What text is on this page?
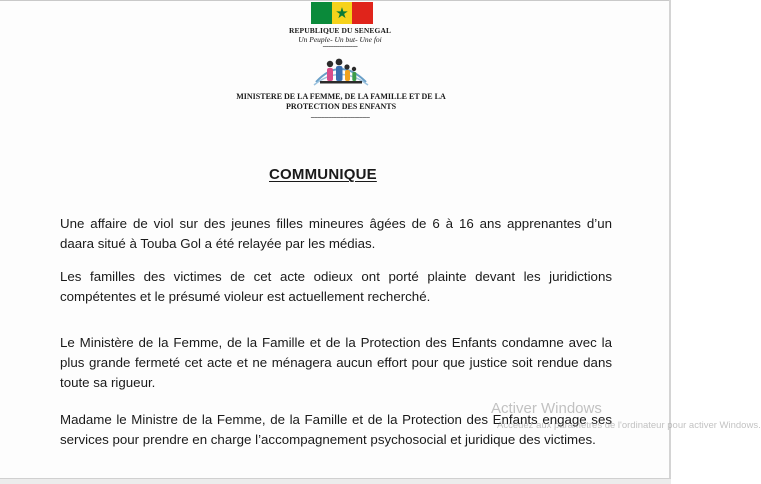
★
REPUBLIQUE DU SENEGAL
Un Peuple- Un but- Une foi
-------------------
MINISTERE DE LA FEMME, DE LA FAMILLE ET DE LA
PROTECTION DES ENFANTS
----------------------------------
COMMUNIQUE

Une affaire de viol sur des jeunes filles mineures âgées de 6 à 16 ans apprenantes d’un daara situé à Touba Gol a été relayée par les médias.

Les familles des victimes de cet acte odieux ont porté plainte devant les juridictions compétentes et le présumé violeur est actuellement recherché.

Le Ministère de la Femme, de la Famille et de la Protection des Enfants condamne avec la plus grande fermeté cet acte et ne ménagera aucun effort pour que justice soit rendue dans toute sa rigueur.

Madame le Ministre de la Femme, de la Famille et de la Protection des Enfants engage ses services pour prendre en charge l’accompagnement psychosocial et juridique des victimes.

Activer Windows
Accédez aux paramètres de l'ordinateur pour activer Windows.
